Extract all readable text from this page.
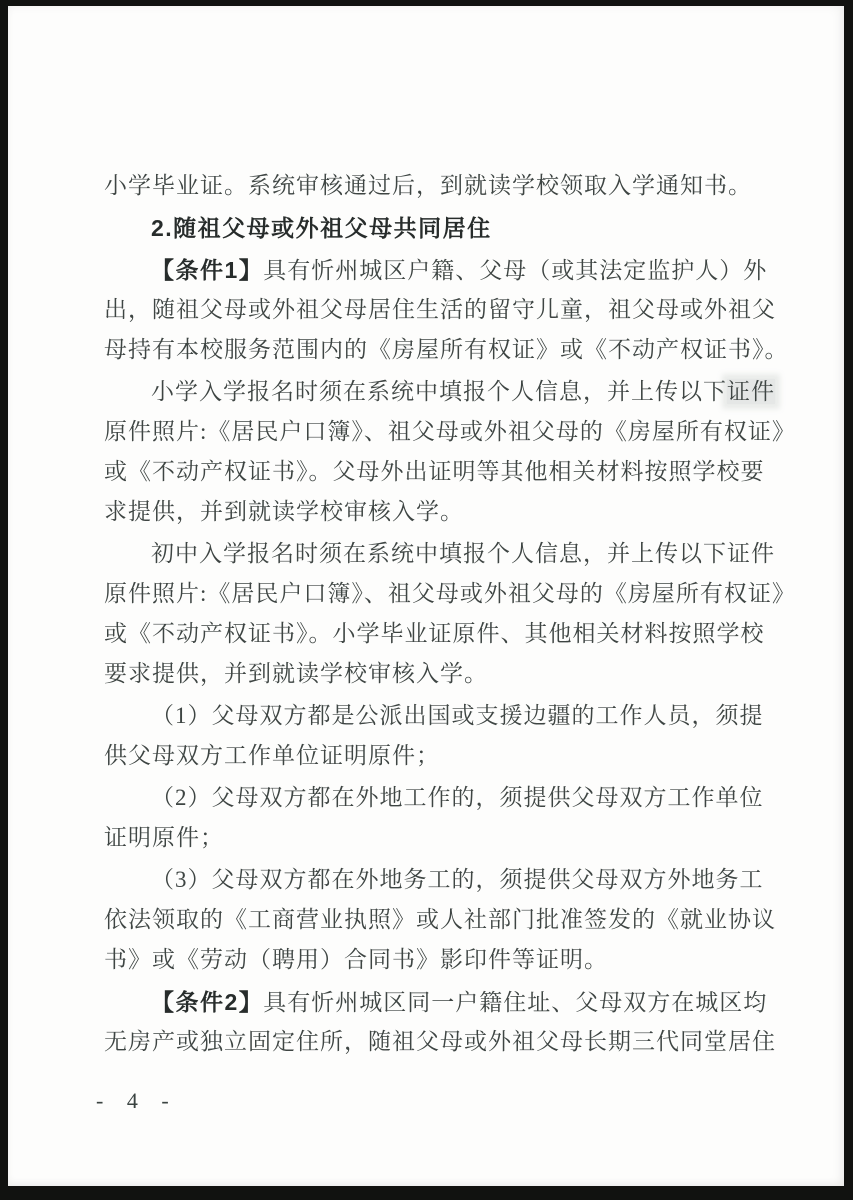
小学毕业证。系统审核通过后，到就读学校领取入学通知书。
2.随祖父母或外祖父母共同居住
【条件1】具有忻州城区户籍、父母（或其法定监护人）外
出，随祖父母或外祖父母居住生活的留守儿童，祖父母或外祖父
母持有本校服务范围内的《房屋所有权证》或《不动产权证书》。
小学入学报名时须在系统中填报个人信息，并上传以下证件
原件照片:《居民户口簿》、祖父母或外祖父母的《房屋所有权证》
或《不动产权证书》。父母外出证明等其他相关材料按照学校要
求提供，并到就读学校审核入学。
初中入学报名时须在系统中填报个人信息，并上传以下证件
原件照片:《居民户口簿》、祖父母或外祖父母的《房屋所有权证》
或《不动产权证书》。小学毕业证原件、其他相关材料按照学校
要求提供，并到就读学校审核入学。
（1）父母双方都是公派出国或支援边疆的工作人员，须提
供父母双方工作单位证明原件；
（2）父母双方都在外地工作的，须提供父母双方工作单位
证明原件；
（3）父母双方都在外地务工的，须提供父母双方外地务工
依法领取的《工商营业执照》或人社部门批准签发的《就业协议
书》或《劳动（聘用）合同书》影印件等证明。
【条件2】具有忻州城区同一户籍住址、父母双方在城区均
无房产或独立固定住所，随祖父母或外祖父母长期三代同堂居住
- 4 -
